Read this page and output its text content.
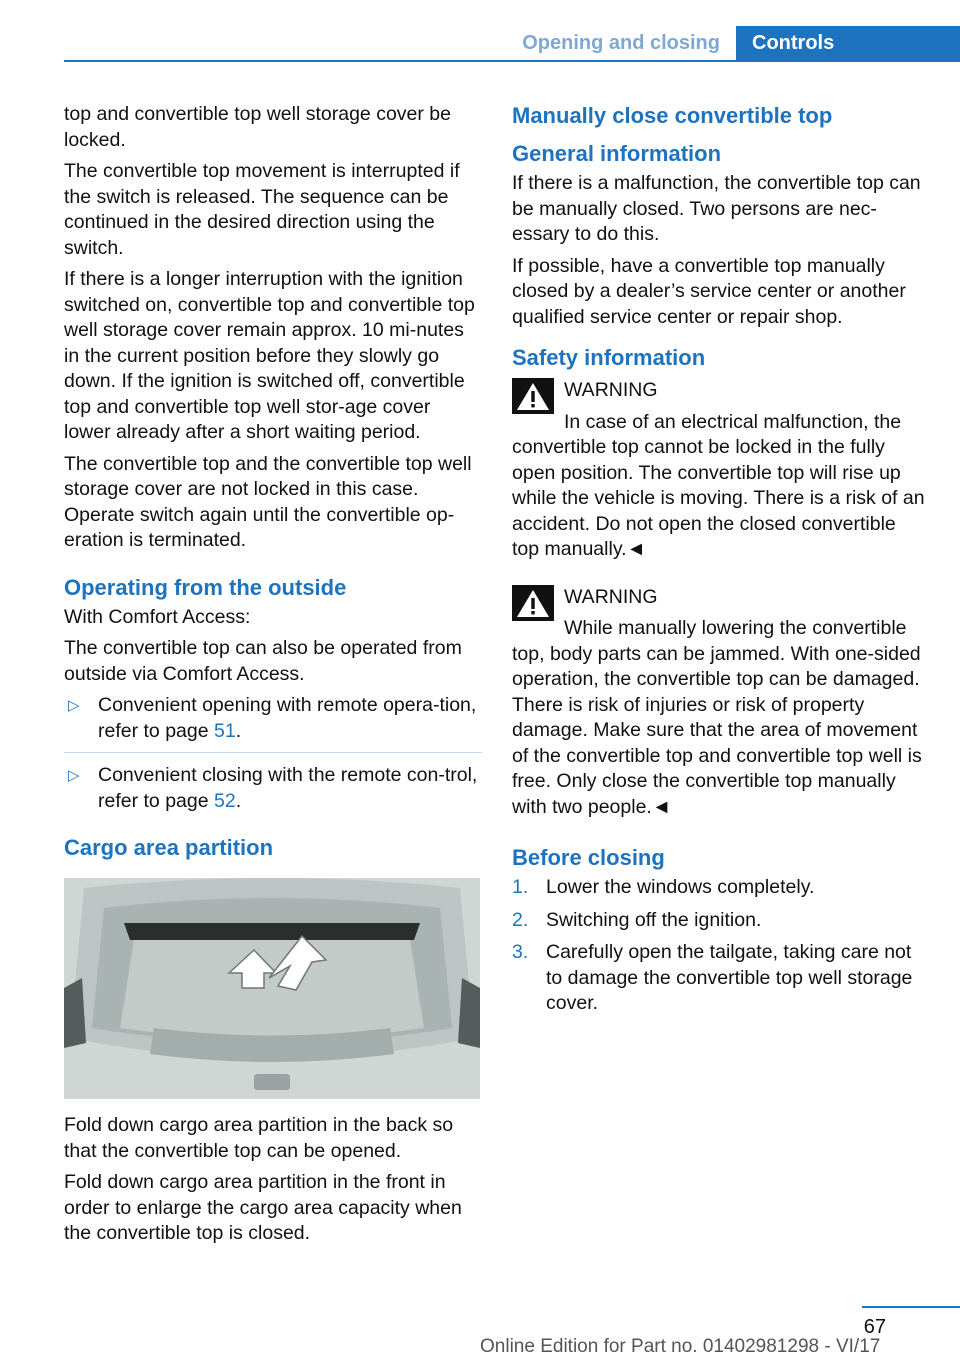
Opening and closing	Controls

top and convertible top well storage cover be locked.

The convertible top movement is interrupted if the switch is released. The sequence can be continued in the desired direction using the switch.

If there is a longer interruption with the ignition switched on, convertible top and convertible top well storage cover remain approx. 10 mi-nutes in the current position before they slowly go down. If the ignition is switched off, convertible top and convertible top well stor-age cover lower already after a short waiting period.

The convertible top and the convertible top well storage cover are not locked in this case. Operate switch again until the convertible op-eration is terminated.

Operating from the outside

With Comfort Access:

The convertible top can also be operated from outside via Comfort Access.

▷ Convenient opening with remote opera-tion, refer to page 51.
▷ Convenient closing with the remote con-trol, refer to page 52.
Cargo area partition

Fold down cargo area partition in the back so that the convertible top can be opened.

Fold down cargo area partition in the front in order to enlarge the cargo area capacity when the convertible top is closed.

Manually close convertible top
General information

If there is a malfunction, the convertible top can be manually closed. Two persons are nec-essary to do this.

If possible, have a convertible top manually closed by a dealer’s service center or another qualified service center or repair shop.

Safety information

WARNING

In case of an electrical malfunction, the convertible top cannot be locked in the fully open position. The convertible top will rise up while the vehicle is moving. There is a risk of an accident. Do not open the closed convertible top manually.◄

WARNING

While manually lowering the convertible top, body parts can be jammed. With one-sided operation, the convertible top can be damaged. There is risk of injuries or risk of property damage. Make sure that the area of movement of the convertible top and convertible top well is free. Only close the convertible top manually with two people.◄

Before closing
1. Lower the windows completely.
2. Switching off the ignition.
3. Carefully open the tailgate, taking care not to damage the convertible top well storage cover.
67
Online Edition for Part no. 01402981298 - VI/17
